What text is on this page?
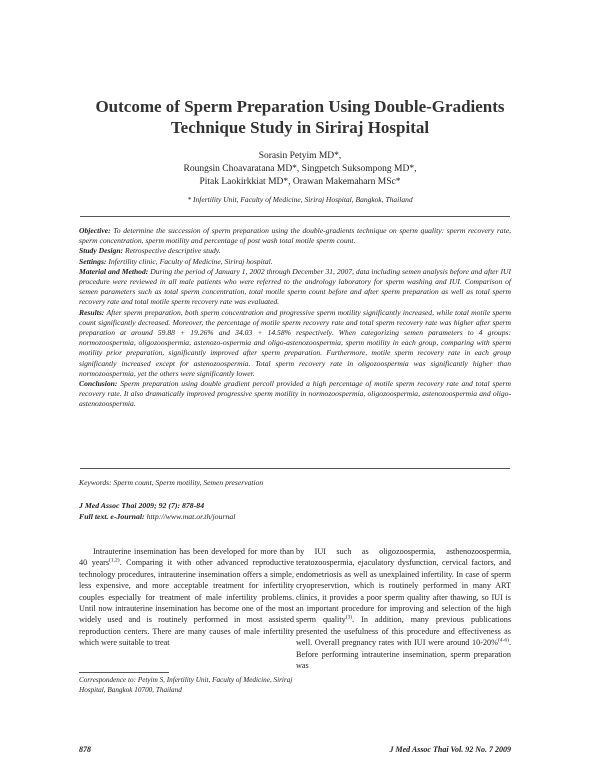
Outcome of Sperm Preparation Using Double-Gradients
Technique Study in Siriraj Hospital
Sorasin Petyim MD*,
Roungsin Choavaratana MD*, Singpetch Suksompong MD*,
Pitak Laokirkkiat MD*, Orawan Makemaharn MSc*
* Infertility Unit, Faculty of Medicine, Siriraj Hospital, Bangkok, Thailand

Objective: To determine the succession of sperm preparation using the double-gradients technique on sperm quality: sperm recovery rate, sperm concentration, sperm motility and percentage of post wash total motile sperm count.

Study Design: Retrospective descriptive study.

Settings: Infertility clinic, Faculty of Medicine, Siriraj hospital.

Material and Method: During the period of January 1, 2002 through December 31, 2007, data including semen analysis before and after IUI procedure were reviewed in all male patients who were referred to the andrology laboratory for sperm washing and IUI. Comparison of semen parameters such as total sperm concentration, total motile sperm count before and after sperm preparation as well as total sperm recovery rate and total motile sperm recovery rate was evaluated.

Results: After sperm preparation, both sperm concentration and progressive sperm motility significantly increased, while total motile sperm count significantly decreased. Moreover, the percentage of motile sperm recovery rate and total sperm recovery rate was higher after sperm preparation at around 59.88 + 19.26% and 34.03 + 14.58% respectively. When categorizing semen parameters to 4 groups: normozoospermia, oligozoospermia, astenozo-ospermia and oligo-astenozoospermia, sperm motility in each group, comparing with sperm motility prior preparation, significantly improved after sperm preparation. Furthermore, motile sperm recovery rate in each group significantly increased except for astenozoospermia. Total sperm recovery rate in oligozoospermia was significantly higher than normozoospermia, yet the others were significantly lower.

Conclusion: Sperm preparation using double gradient percoll provided a high percentage of motile sperm recovery rate and total sperm recovery rate. It also dramatically improved progressive sperm motility in normozoospermia, oligozoospermia, astenozoospermia and oligo-astenozoospermia.

Keywords: Sperm count, Sperm motility, Semen preservation
J Med Assoc Thai 2009; 92 (7): 878-84
Full text. e-Journal: http://www.mat.or.th/journal

Intrauterine insemination has been developed for more than 40 years$^{(1,2)}$. Comparing it with other advanced reproductive technology procedures, intrauterine insemination offers a simple, less expensive, and more acceptable treatment for infertility couples especially for treatment of male infertility problems. Until now intrauterine insemination has become one of the most widely used and is routinely performed in most assisted reproduction centers. There are many causes of male infertility which were suitable to treat

by IUI such as oligozoospermia, asthenozoospermia, teratozoospermia, ejaculatory dysfunction, cervical factors, and endometriosis as well as unexplained infertility. In case of sperm cryopreservtion, which is routinely performed in many ART clinics, it provides a poor sperm quality after thawing, so IUI is an important procedure for improving and selection of the high sperm quality$^{(3)}$. In addition, many previous publications presented the usefulness of this procedure and effectiveness as well. Overall pregnancy rates with IUI were around 10-20%$^{(4-6)}$. Before performing intrauterine insemination, sperm preparation was

Correspondence to: Petyim S, Infertility Unit, Faculty of Medicine, Siriraj Hospital, Bangkok 10700, Thailand
878	J Med Assoc Thai Vol. 92 No. 7 2009
